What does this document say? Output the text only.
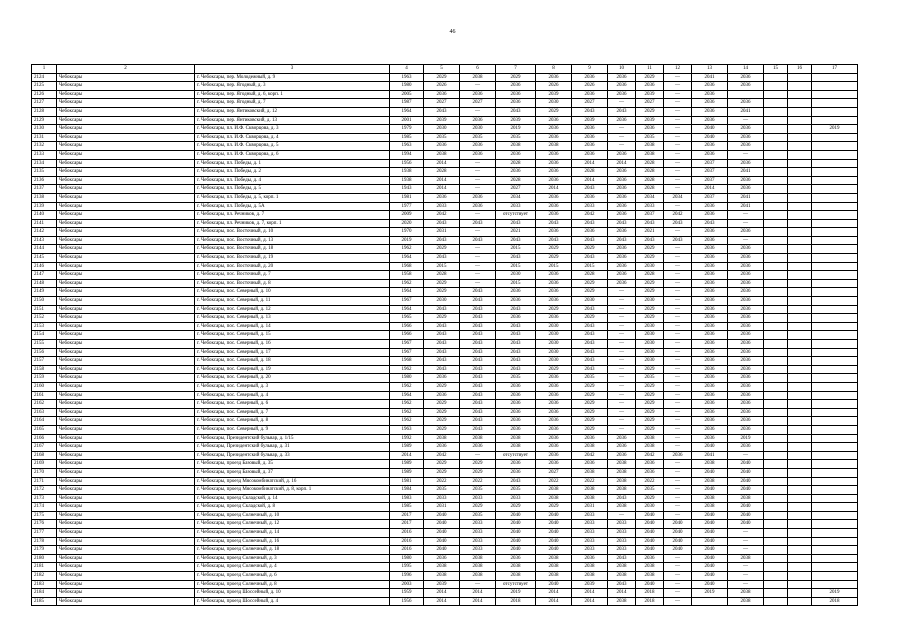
46
1	2	3	4	5	6	7	8	9	10	11	12	13	14	15	16	17
2124	Чебоксары	г. Чебоксары, пер. Молодежный, д. 9	1963	2029	2038	2029	2036	2036	2036	2029	—	2041	2036			
2125	Чебоксары	г. Чебоксары, пер. Ягодный, д. 3	1980	2026	—	2036	2026	2026	2036	2036	—	2036	2036			
2126	Чебоксары	г. Чебоксары, пер. Ягодный, д. 6, корп. 1	2005	2036	2036	2036	2039	2036	2036	2039	—	2036				
2127	Чебоксары	г. Чебоксары, пер. Ягодный, д. 7	1987	2027	2027	2036	2030	2027	—	2027	—	2036	2036			
2128	Чебоксары	г. Чебоксары, пер. Янтиковский, д. 12	1964	2043	—	2043	2029	2043	2043	2029	—	2036	2041			
2129	Чебоксары	г. Чебоксары, пер. Янтиковский, д. 13	2001	2039	2036	2039	2036	2039	2036	2039	—	2036	—			
2130	Чебоксары	г. Чебоксары, пл. И.Ф. Скворцова, д. 3	1979	2030	2030	2019	2036	2036	—	2036	—	2040	2036			2019
2131	Чебоксары	г. Чебоксары, пл. И.Ф. Скворцова, д. 4	1985	2035	2035	2035	2036	2036	—	2035	—	2040	2036			
2132	Чебоксары	г. Чебоксары, пл. И.Ф. Скворцова, д. 5	1963	2036	2036	2038	2038	2036	—	2038	—	2036	2036			
2133	Чебоксары	г. Чебоксары, пл. И.Ф. Скворцова, д. 6	1994	2038	2036	2036	2036	2036	2036	2038	—	2036	—			
2134	Чебоксары	г. Чебоксары, пл. Победы, д. 1	1956	2014	—	2028	2036	2014	2014	2028	—	2037	2036			
2135	Чебоксары	г. Чебоксары, пл. Победы, д. 2	1938	2028	—	2036	2036	2028	2036	2028	—	2037	2041			
2136	Чебоксары	г. Чебоксары, пл. Победы, д. 4	1938	2014	—	2028	2036	2014	2036	2028	—	2037	2036			
2137	Чебоксары	г. Чебоксары, пл. Победы, д. 5	1943	2014	—	2027	2014	2043	2036	2028	—	2014	2036			
2138	Чебоксары	г. Чебоксары, пл. Победы, д. 5, корп. 1	1981	2036	2036	2034	2036	2036	2036	2034	2034	2037	2041			
2139	Чебоксары	г. Чебоксары, пл. Победы, д. 5А	1977	2033	2036	2033	2036	2033	2036	2033	—	2036	2041			
2140	Чебоксары	г. Чебоксары, пл. Речников, д. 7	2009	2042	—	отсутствует	2036	2042	2036	2037	2042	2036	—			
2141	Чебоксары	г. Чебоксары, пл. Речников, д. 7, корп. 1	2020	2043	2043	2043	2043	2043	2043	2043	2043	2043	—			
2142	Чебоксары	г. Чебоксары, пос. Восточный, д. 10	1970	2031	—	2021	2036	2036	2036	2021	—	2036	2036			
2143	Чебоксары	г. Чебоксары, пос. Восточный, д. 13	2019	2043	2043	2043	2043	2043	2043	2043	2043	2036	—			
2144	Чебоксары	г. Чебоксары, пос. Восточный, д. 18	1962	2029	—	2015	2029	2029	2036	2029	—	2036	2036			
2145	Чебоксары	г. Чебоксары, пос. Восточный, д. 19	1964	2043	—	2043	2029	2043	2036	2029	—	2036	2036			
2146	Чебоксары	г. Чебоксары, пос. Восточный, д. 20	1968	2015	—	2015	2015	2015	2036	2030	—	2036	2036			
2147	Чебоксары	г. Чебоксары, пос. Восточный, д. 7	1958	2028	—	2030	2036	2028	2036	2028	—	2036	2036			
2148	Чебоксары	г. Чебоксары, пос. Восточный, д. 8	1962	2029	—	2015	2036	2029	2036	2029	—	2036	2036			
2149	Чебоксары	г. Чебоксары, пос. Северный, д. 10	1964	2029	2043	2036	2036	2029	—	2029	—	2036	2036			
2150	Чебоксары	г. Чебоксары, пос. Северный, д. 11	1967	2030	2043	2036	2036	2030	—	2030	—	2036	2036			
2151	Чебоксары	г. Чебоксары, пос. Северный, д. 12	1964	2043	2043	2043	2029	2043	—	2029	—	2036	2036			
2152	Чебоксары	г. Чебоксары, пос. Северный, д. 13	1965	2029	2043	2036	2036	2029	—	2029	—	2036	2036			
2153	Чебоксары	г. Чебоксары, пос. Северный, д. 14	1966	2043	2043	2043	2030	2043	—	2030	—	2036	2036			
2154	Чебоксары	г. Чебоксары, пос. Северный, д. 15	1966	2043	2043	2043	2030	2043	—	2030	—	2036	2036			
2155	Чебоксары	г. Чебоксары, пос. Северный, д. 16	1967	2043	2043	2043	2030	2043	—	2030	—	2036	2036			
2156	Чебоксары	г. Чебоксары, пос. Северный, д. 17	1967	2043	2043	2043	2030	2043	—	2030	—	2036	2036			
2157	Чебоксары	г. Чебоксары, пос. Северный, д. 18	1968	2043	2043	2043	2030	2043	—	2030	—	2036	2036			
2158	Чебоксары	г. Чебоксары, пос. Северный, д. 19	1962	2043	2043	2043	2029	2043	—	2029	—	2036	2036			
2159	Чебоксары	г. Чебоксары, пос. Северный, д. 20	1980	2036	2043	2035	2036	2035	—	2035	—	2036	2036			
2160	Чебоксары	г. Чебоксары, пос. Северный, д. 3	1962	2029	2043	2036	2036	2029	—	2029	—	2036	2036			
2161	Чебоксары	г. Чебоксары, пос. Северный, д. 4	1964	2036	2043	2036	2036	2029	—	2029	—	2036	2036			
2162	Чебоксары	г. Чебоксары, пос. Северный, д. 6	1962	2029	2043	2036	2036	2029	—	2029	—	2036	2036			
2163	Чебоксары	г. Чебоксары, пос. Северный, д. 7	1962	2029	2043	2036	2036	2029	—	2029	—	2036	2036			
2164	Чебоксары	г. Чебоксары, пос. Северный, д. 8	1962	2029	2043	2036	2036	2029	—	2029	—	2036	2036			
2165	Чебоксары	г. Чебоксары, пос. Северный, д. 9	1963	2029	2043	2036	2036	2029	—	2029	—	2036	2036			
2166	Чебоксары	г. Чебоксары, Президентский бульвар, д. 1/15	1992	2038	2038	2038	2036	2036	2036	2038	—	2036	2019			
2167	Чебоксары	г. Чебоксары, Президентский бульвар, д. 31	1989	2036	2036	2038	2036	2038	2036	2038	—	2040	2036			
2168	Чебоксары	г. Чебоксары, Президентский бульвар, д. 33	2014	2042	—	отсутствует	2036	2042	2036	2042	2036	2041	—			
2169	Чебоксары	г. Чебоксары, проезд Базовый, д. 35	1989	2029	2029	2036	2036	2036	2038	2036	—	2038	2040			
2170	Чебоксары	г. Чебоксары, проезд Базовый, д. 37	1989	2029	2029	2036	2027	2038	2038	2036	—	2040	2040			
2171	Чебоксары	г. Чебоксары, проезд Мясокомбинатский, д. 16	1981	2022	2022	2043	2022	2022	2038	2022	—	2038	2040			
2172	Чебоксары	г. Чебоксары, проезд Мясокомбинатский, д. 8, корп. 1	1984	2035	2035	2035	2038	2038	2038	2035	—	2040	2040			
2173	Чебоксары	г. Чебоксары, проезд Складской, д. 14	1983	2033	2033	2033	2038	2038	2043	2029	—	2038	2038			
2174	Чебоксары	г. Чебоксары, проезд Складской, д. 8	1985	2031	2029	2029	2029	2031	2038	2030	—	2038	2040			
2175	Чебоксары	г. Чебоксары, проезд Солнечный, д. 10	2017	2040	2035	2040	2040	2033	—	2040	—	2040	2040			
2176	Чебоксары	г. Чебоксары, проезд Солнечный, д. 12	2017	2040	2033	2040	2040	2033	2033	2040	2040	2040	2040			
2177	Чебоксары	г. Чебоксары, проезд Солнечный, д. 14	2016	2040	2033	2040	2040	2033	2033	2040	2040	2040	—			
2178	Чебоксары	г. Чебоксары, проезд Солнечный, д. 16	2016	2040	2033	2040	2040	2033	2033	2040	2040	2040	—			
2179	Чебоксары	г. Чебоксары, проезд Солнечный, д. 18	2016	2040	2033	2040	2040	2033	2033	2040	2040	2040	—			
2180	Чебоксары	г. Чебоксары, проезд Солнечный, д. 3	1980	2036	2038	2036	2038	2036	2043	2036	—	2040	2038			
2181	Чебоксары	г. Чебоксары, проезд Солнечный, д. 4	1995	2038	2038	2038	2038	2038	2038	2038	—	2040	—			
2182	Чебоксары	г. Чебоксары, проезд Солнечный, д. 6	1996	2038	2038	2038	2038	2038	2038	2038	—	2040	—			
2183	Чебоксары	г. Чебоксары, проезд Солнечный, д. 8	2003	2039	—	отсутствует	2040	2039	2043	2040	—	2040	—			
2184	Чебоксары	г. Чебоксары, проезд Шоссейный, д. 10	1959	2014	2014	2019	2014	2014	2014	2018	—	2019	2038			2019
2185	Чебоксары	г. Чебоксары, проезд Шоссейный, д. 4	1956	2014	2014	2018	2014	2014	2038	2018	—		2038			2018
